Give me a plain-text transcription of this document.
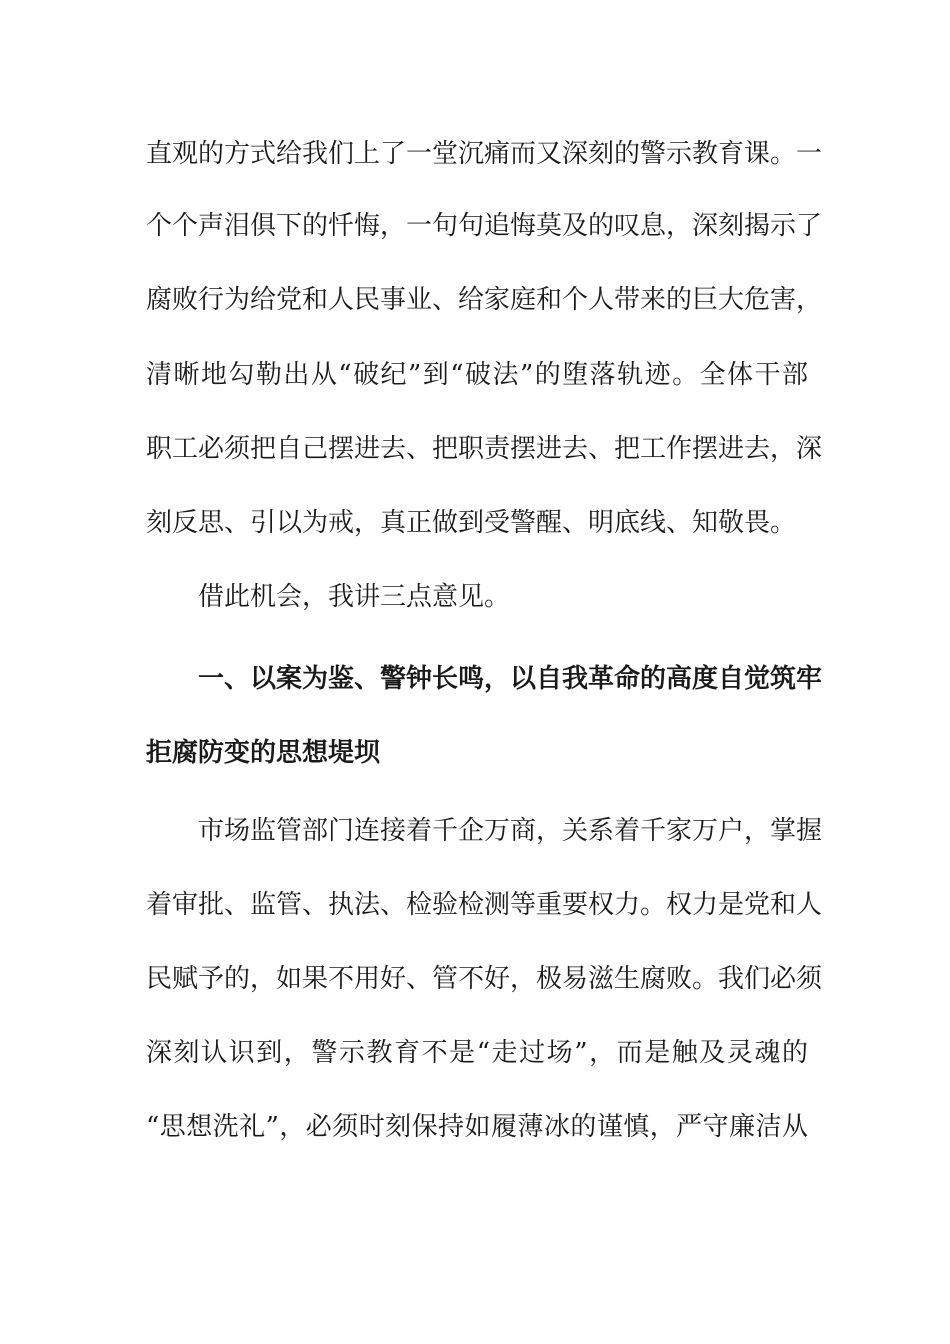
直观的方式给我们上了一堂沉痛而又深刻的警示教育课。一
个个声泪俱下的忏悔，一句句追悔莫及的叹息，深刻揭示了
腐败行为给党和人民事业、给家庭和个人带来的巨大危害，
清晰地勾勒出从“破纪”到“破法”的堕落轨迹。全体干部
职工必须把自己摆进去、把职责摆进去、把工作摆进去，深
刻反思、引以为戒，真正做到受警醒、明底线、知敬畏。
借此机会，我讲三点意见。
一、以案为鉴、警钟长鸣，以自我革命的高度自觉筑牢
拒腐防变的思想堤坝
市场监管部门连接着千企万商，关系着千家万户，掌握
着审批、监管、执法、检验检测等重要权力。权力是党和人
民赋予的，如果不用好、管不好，极易滋生腐败。我们必须
深刻认识到，警示教育不是“走过场”，而是触及灵魂的
“思想洗礼”，必须时刻保持如履薄冰的谨慎，严守廉洁从
